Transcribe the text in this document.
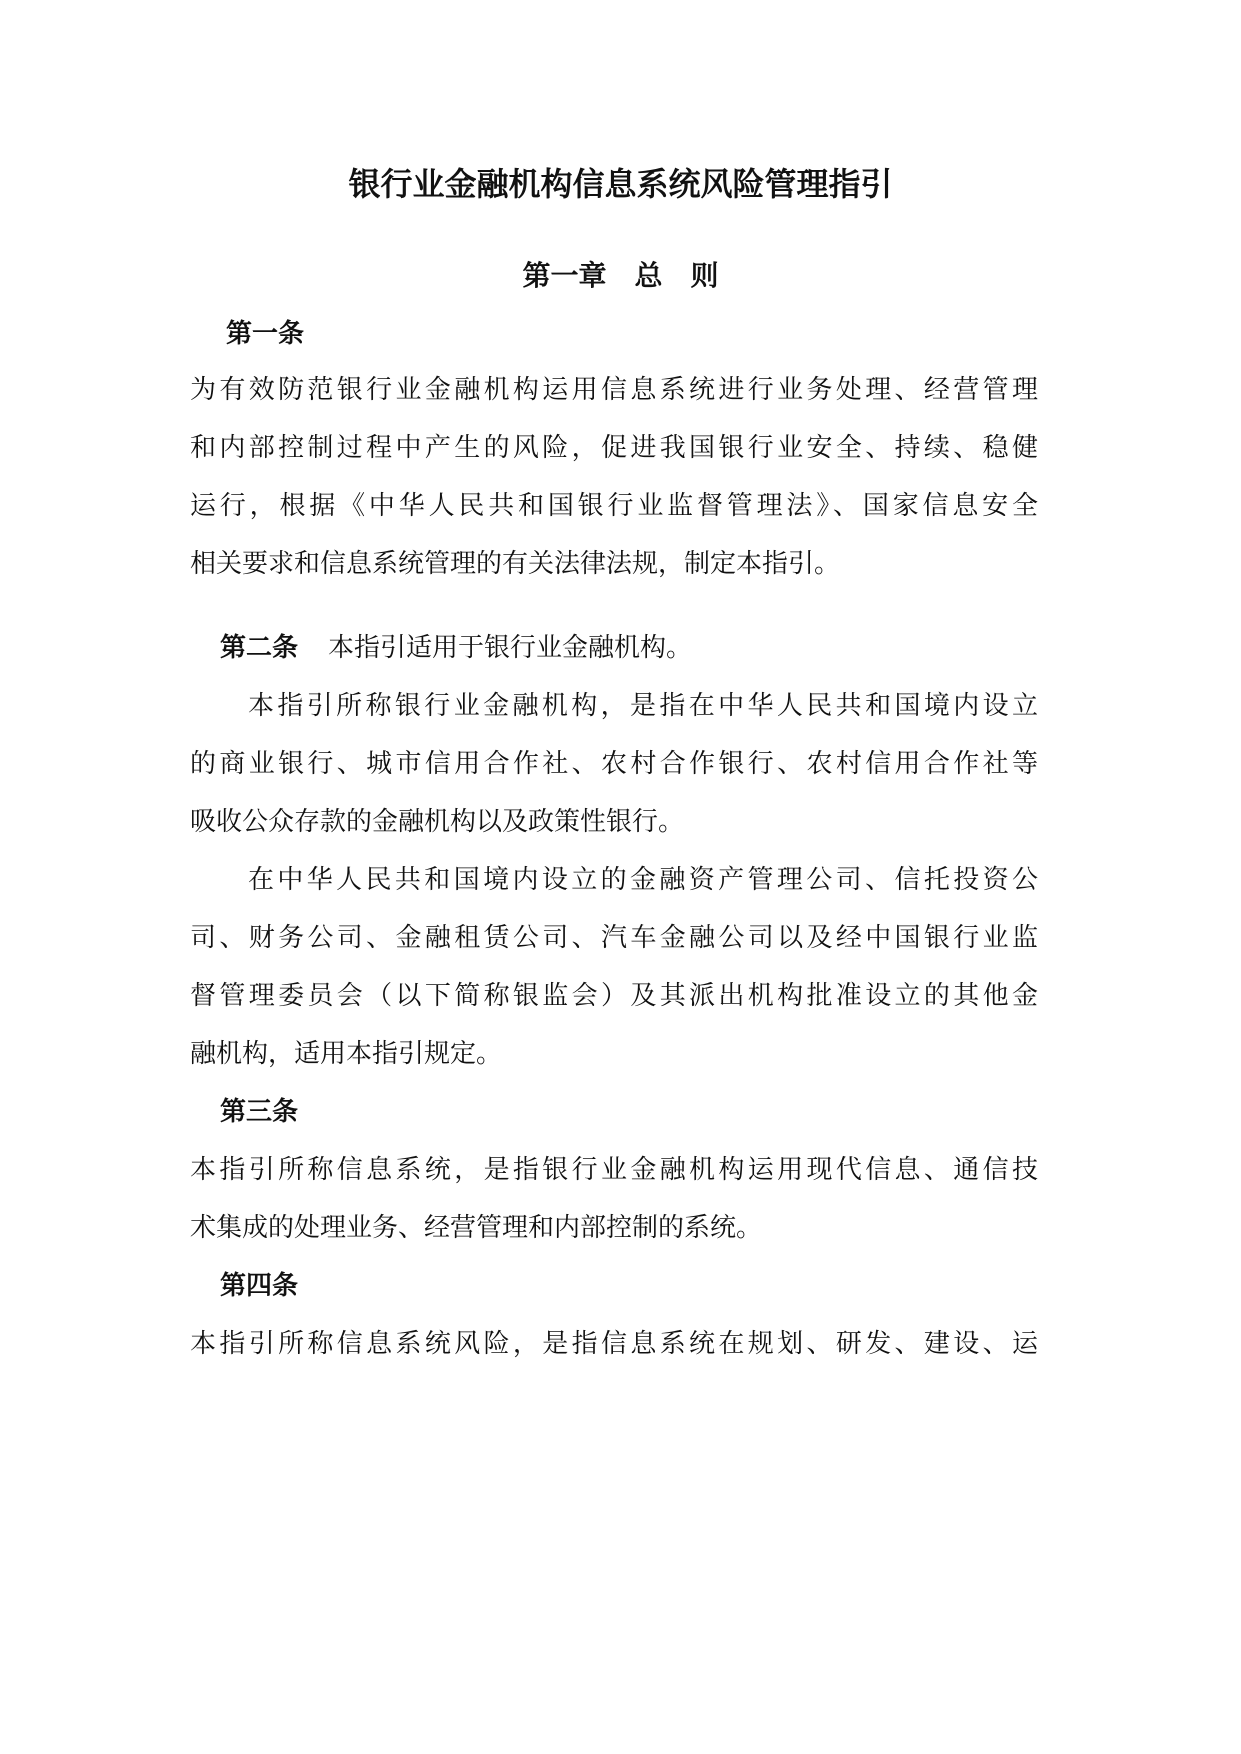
银行业金融机构信息系统风险管理指引
第一章　总　则
第一条

为有效防范银行业金融机构运用信息系统进行业务处理、经营管理

和内部控制过程中产生的风险，促进我国银行业安全、持续、稳健

运行，根据《中华人民共和国银行业监督管理法》、国家信息安全

相关要求和信息系统管理的有关法律法规，制定本指引。

第二条 本指引适用于银行业金融机构。

本指引所称银行业金融机构，是指在中华人民共和国境内设立

的商业银行、城市信用合作社、农村合作银行、农村信用合作社等

吸收公众存款的金融机构以及政策性银行。

在中华人民共和国境内设立的金融资产管理公司、信托投资公

司、财务公司、金融租赁公司、汽车金融公司以及经中国银行业监

督管理委员会（以下简称银监会）及其派出机构批准设立的其他金

融机构，适用本指引规定。

第三条

本指引所称信息系统，是指银行业金融机构运用现代信息、通信技

术集成的处理业务、经营管理和内部控制的系统。

第四条

本指引所称信息系统风险，是指信息系统在规划、研发、建设、运
